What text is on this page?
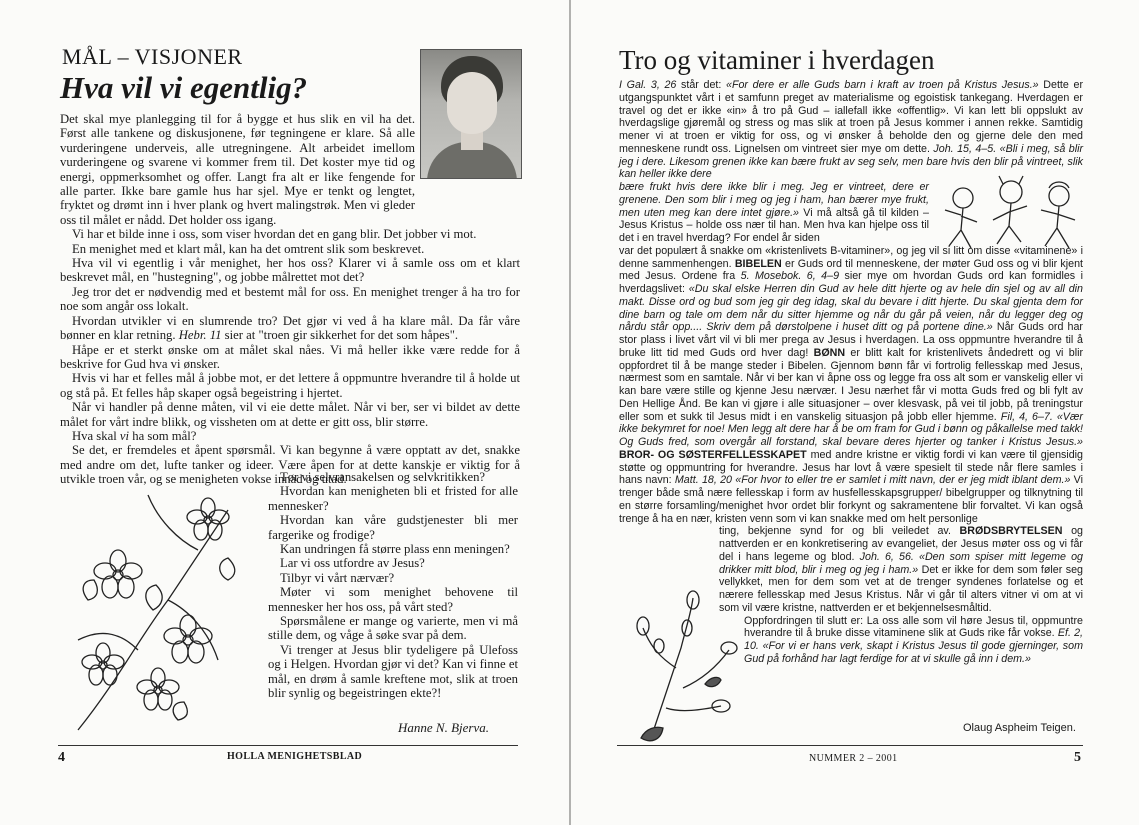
MÅL – VISJONER
Hva vil vi egentlig?

Det skal mye planlegging til for å bygge et hus slik en vil ha det. Først alle tankene og diskusjonene, før tegningene er klare. Så alle vurderingene underveis, alle utregningene. Alt arbeidet imellom vurderingene og svarene vi kommer frem til. Det koster mye tid og energi, oppmerksomhet og offer. Langt fra alt er like fengende for alle parter. Ikke bare gamle hus har sjel. Mye er tenkt og lengtet, fryktet og drømt inn i hver plank og hvert malingstrøk. Men vi gleder oss til målet er nådd. Det holder oss igang.

Vi har et bilde inne i oss, som viser hvordan det en gang blir. Det jobber vi mot.

En menighet med et klart mål, kan ha det omtrent slik som beskrevet.

Hva vil vi egentlig i vår menighet, her hos oss? Klarer vi å samle oss om et klart beskrevet mål, en "hustegning", og jobbe målrettet mot det?

Jeg tror det er nødvendig med et bestemt mål for oss. En menighet trenger å ha tro for noe som angår oss lokalt.

Hvordan utvikler vi en slumrende tro? Det gjør vi ved å ha klare mål. Da får våre bønner en klar retning. Hebr. 11 sier at "troen gir sikkerhet for det som håpes".

Håpe er et sterkt ønske om at målet skal nåes. Vi må heller ikke være redde for å beskrive for Gud hva vi ønsker.

Hvis vi har et felles mål å jobbe mot, er det lettere å oppmuntre hverandre til å holde ut og stå på. Et felles håp skaper også begeistring i hjertet.

Når vi handler på denne måten, vil vi eie dette målet. Når vi ber, ser vi bildet av dette målet for vårt indre blikk, og vissheten om at dette er gitt oss, blir større.

Hva skal vi ha som mål?

Se det, er fremdeles et åpent spørsmål. Vi kan begynne å være opptatt av det, snakke med andre om det, lufte tanker og ideer. Være åpen for at dette kanskje er viktig for å utvikle troen vår, og se menigheten vokse innad og utad.

Tør vi selvransakelsen og selvkritikken?

Hvordan kan menigheten bli et fristed for alle mennesker?

Hvordan kan våre gudstjenester bli mer fargerike og frodige?

Kan undringen få større plass enn meningen?

Lar vi oss utfordre av Jesus?

Tilbyr vi vårt nærvær?

Møter vi som menighet behovene til mennesker her hos oss, på vårt sted?

Spørsmålene er mange og varierte, men vi må stille dem, og våge å søke svar på dem.

Vi trenger at Jesus blir tydeligere på Ulefoss og i Helgen. Hvordan gjør vi det? Kan vi finne et mål, en drøm å samle kreftene mot, slik at troen blir synlig og begeistringen ekte?!

Hanne N. Bjerva.
4	HOLLA MENIGHETSBLAD
Tro og vitaminer i hverdagen

I Gal. 3, 26 står det: «For dere er alle Guds barn i kraft av troen på Kristus Jesus.» Dette er utgangspunktet vårt i et samfunn preget av materialisme og egoistisk tankegang. Hverdagen er travel og det er ikke «in» å tro på Gud – iallefall ikke «offentlig». Vi kan lett bli oppslukt av hverdagslige gjøremål og stress og mas slik at troen på Jesus kommer i annen rekke. Samtidig mener vi at troen er viktig for oss, og vi ønsker å beholde den og gjerne dele den med menneskene rundt oss. Lignelsen om vintreet sier mye om dette. Joh. 15, 4–5. «Bli i meg, så blir jeg i dere. Likesom grenen ikke kan bære frukt av seg selv, men bare hvis den blir på vintreet, slik kan heller ikke dere

bære frukt hvis dere ikke blir i meg. Jeg er vintreet, dere er grenene. Den som blir i meg og jeg i ham, han bærer mye frukt, men uten meg kan dere intet gjøre.» Vi må altså gå til kilden – Jesus Kristus – holde oss nær til han. Men hva kan hjelpe oss til det i en travel hverdag? For endel år siden

var det populært å snakke om «kristenlivets B-vitaminer», og jeg vil si litt om disse «vitaminene» i denne sammenhengen. BIBELEN er Guds ord til menneskene, der møter Gud oss og vi blir kjent med Jesus. Ordene fra 5. Mosebok. 6, 4–9 sier mye om hvordan Guds ord kan formidles i hverdagslivet: «Du skal elske Herren din Gud av hele ditt hjerte og av hele din sjel og av all din makt. Disse ord og bud som jeg gir deg idag, skal du bevare i ditt hjerte. Du skal gjenta dem for dine barn og tale om dem når du sitter hjemme og når du går på veien, når du legger deg og nårdu står opp.... Skriv dem på dørstolpene i huset ditt og på portene dine.» Når Guds ord har stor plass i livet vårt vil vi bli mer prega av Jesus i hverdagen. La oss oppmuntre hverandre til å bruke litt tid med Guds ord hver dag! BØNN er blitt kalt for kristenlivets åndedrett og vi blir oppfordret til å be mange steder i Bibelen. Gjennom bønn får vi fortrolig fellesskap med Jesus, nærmest som en samtale. Når vi ber kan vi åpne oss og legge fra oss alt som er vanskelig eller vi kan bare være stille og kjenne Jesu nærvær. I Jesu nærhet får vi motta Guds fred og bli fylt av Den Hellige Ånd. Be kan vi gjøre i alle situasjoner – over klesvask, på vei til jobb, på treningstur eller som et sukk til Jesus midt i en vanskelig situasjon på jobb eller hjemme. Fil, 4, 6–7. «Vær ikke bekymret for noe! Men legg alt dere har å be om fram for Gud i bønn og påkallelse med takk! Og Guds fred, som overgår all forstand, skal bevare deres hjerter og tanker i Kristus Jesus.» BROR- OG SØSTERFELLESSKAPET med andre kristne er viktig fordi vi kan være til gjensidig støtte og oppmuntring for hverandre. Jesus har lovt å være spesielt til stede når flere samles i hans navn: Matt. 18, 20 «For hvor to eller tre er samlet i mitt navn, der er jeg midt iblant dem.» Vi trenger både små nære fellesskap i form av husfellesskapsgrupper/ bibelgrupper og tilknytning til en større forsamling/menighet hvor ordet blir forkynt og sakramentene blir forvaltet. Vi kan også trenge å ha en nær, kristen venn som vi kan snakke med om helt personlige

ting, bekjenne synd for og bli veiledet av. BRØDSBRYTELSEN og nattverden er en konkretisering av evangeliet, der Jesus møter oss og vi får del i hans legeme og blod. Joh. 6, 56. «Den som spiser mitt legeme og drikker mitt blod, blir i meg og jeg i ham.» Det er ikke for dem som føler seg vellykket, men for dem som vet at de trenger syndenes forlatelse og et nærere fellesskap med Jesus Kristus. Når vi går til alters vitner vi om at vi som vil være kristne, nattverden er et bekjennelsesmåltid.

Oppfordringen til slutt er: La oss alle som vil høre Jesus til, oppmuntre hverandre til å bruke disse vitaminene slik at Guds rike får vokse. Ef. 2, 10. «For vi er hans verk, skapt i Kristus Jesus til gode gjerninger, som Gud på forhånd har lagt ferdige for at vi skulle gå inn i dem.»

Olaug Aspheim Teigen.
NUMMER 2 – 2001	5
